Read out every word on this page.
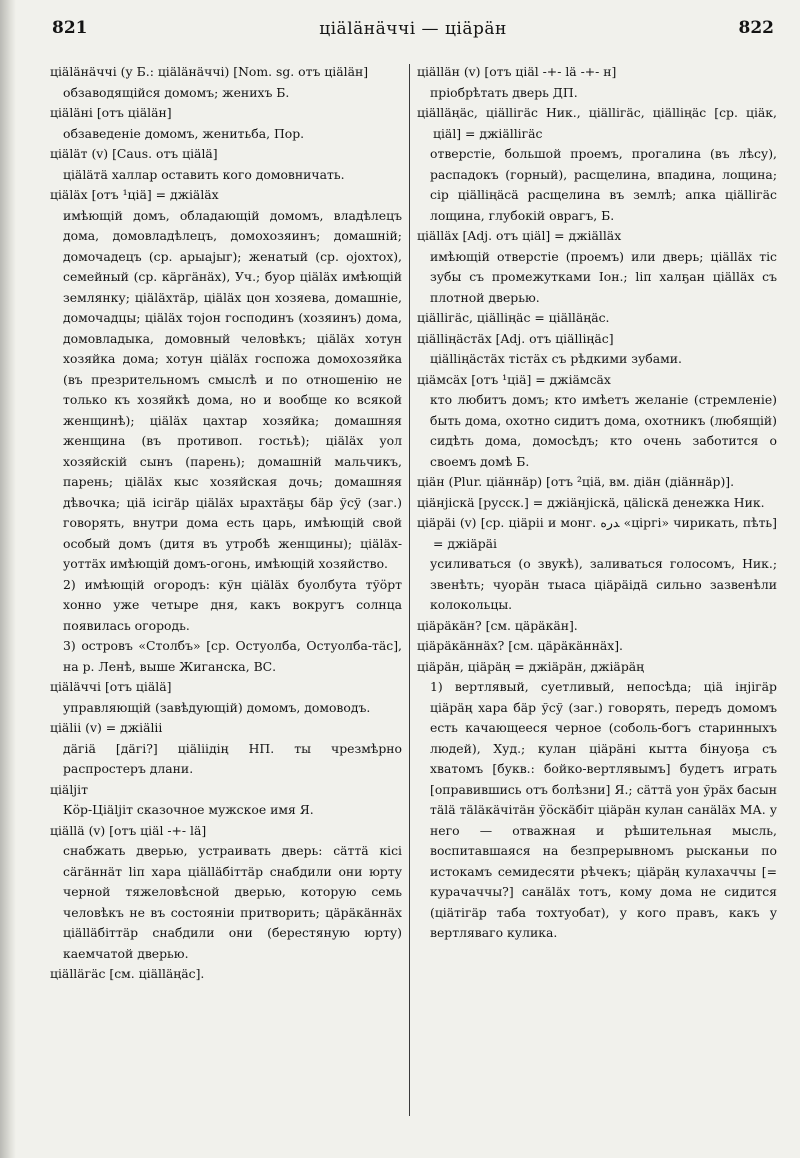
821	цiäläнäччi — цiäрäн	822
цiäläнäччi (у Б.: цiäläнäччi) [Nom. sg. отъ цiäläн]
обзаводящiйся домомъ; женихъ Б.
цiäläнi [отъ цiäläн]
обзаведенiе домомъ, женитьба, Пор.
цiäläт (v) [Caus. отъ цiälä]
цiäläтä халлар оставить кого домовничать.
цiäläх [отъ ¹цiä] = джiäläх
имѣющiй домъ, обладающiй домомъ, владѣлецъ дома, домовладѣлецъ, домохозяинъ; домашнiй; домочадецъ (ср. арыаjыг); женатый (ср. оjохтох), семейный (ср. кäргäнäх), Уч.; буор цiäläх имѣющiй землянку; цiäläхтäр, цiäläх цон хозяева, домашнiе, домочадцы; цiäläх тоjон господинъ (хозяинъ) дома, домовладыка, домовный человѣкъ; цiäläх хотун хозяйка дома; хотун цiäläх госпожа домохозяйка (въ презрительномъ смыслѣ и по отношенiю не только къ хозяйкѣ дома, но и вообще ко всякой женщинѣ); цiäläх цахтар хозяйка; домашняя женщина (въ противоп. гостьѣ); цiäläх уол хозяйскiй сынъ (парень); домашнiй мальчикъ, парень; цiäläх кыс хозяйская дочь; домашняя дѣвочка; цiä iсiгäр цiäläх ырахтäҕы бäр ўсў (заг.) говорять, внутри дома есть царь, имѣющiй свой особый домъ (дитя въ утробѣ женщины); цiäläх-уоттäх имѣющiй домъ-огонь, имѣющiй хозяйство.
2) имѣющiй огородъ: кўн цiäläх буолбута тўӧрт хоннo уже четыре дня, какъ вокругъ солнца появилась огородь.
3) островъ «Столбъ» [ср. Остуолба, Остуолба-тäс], на р. Ленѣ, выше Жиганска, ВС.
цiäläччi [отъ цiälä]
управляющiй (завѣдующiй) домомъ, домоводъ.
цiälii (v) = джiälii
дäгiä [дäгi?] цiäliiдiң НП. ты чрезмѣрно распростеръ длани.
цiäljiт
Кӧр-Цiäljiт сказочное мужское имя Я.
цiällä (v) [отъ цiäl -+- lä]
снабжать дверью, устраивать дверь: сäттä кiсi сäгäннäт liп хара цiälläбiттäр снабдили они юрту черной тяжеловѣсной дверью, которую семь человѣкъ не въ состоянiи притворить; цäрäкäннäх цiälläбiттäр снабдили они (берестяную юрту) каемчатой дверью.
цiälläгäс [см. цiälläңäс].
цiälläн (v) [отъ цiäl -+- lä -+- н]
прiобрѣтать дверь ДП.
цiälläңäс, цiälliгäс Ник., цiälliгäс, цiälliңäс [ср. цiäк, цiäl] = джiälliгäс
отверстiе, большой проемъ, прогалина (въ лѣсу), распадокъ (горный), расщелина, впадина, лощина; сiр цiälliңäсä расщелина въ землѣ; апка цiälliгäс лощина, глубокiй оврагъ, Б.
цiälläх [Adj. отъ цiäl] = джiälläх
имѣющiй отверстiе (проемъ) или дверь; цiälläх тiс зубы съ промежутками Іон.; liп халҕан цiälläх съ плотной дверью.
цiälliгäс, цiälliңäс = цiälläңäс.
цiälliңäстäх [Adj. отъ цiälliңäс]
цiälliңäстäх тiстäх съ рѣдкими зубами.
цiäмсäх [отъ ¹цiä] = джiäмсäх
кто любитъ домъ; кто имѣетъ желанiе (стремленiе) быть дома, охотно сидитъ дома, охотникъ (любящiй) сидѣть дома, домосѣдъ; кто очень заботится о своемъ домѣ Б.
цiäн (Plur. цiäннäр) [отъ ²цiä, вм. дiäн (дiäннäр)].
цiäнjiскä [русск.] = джiäнjiскä, цäliскä денежка Ник.
цiäрäi (v) [ср. цiäрii и монг. ﺪﺭﻩ «цiргi» чирикать, пѣть] = джiäрäi
усиливаться (о звукѣ), заливаться голосомъ, Ник.; звенѣть; чуорäн тыаса цiäрäiдä сильно зазвенѣли колокольцы.
цiäрäкäн? [см. цäрäкäн].
цiäрäкäннäх? [см. цäрäкäннäх].
цiäрäн, цiäрäң = джiäрäн, джiäрäң
1) вертлявый, суетливый, непосѣда; цiä iнjiгäр цiäрäң хара бäр ўсў (заг.) говорять, передъ домомъ есть качающееся черное (соболь-богъ старинныхъ людей), Худ.; кулан цiäрäнi кытта бiнуоҕа съ хватомъ [букв.: бойко-вертлявымъ] будетъ играть [оправившись отъ болѣзни] Я.; сäттä уон ўрäх басын тälä тäläкäчiтäн ўӧскäбiт цiäрäн кулан санäläх МА. у него — отважная и рѣшительная мысль, воспитавшаяся на безпрерывномъ рысканьи по истокамъ семидесяти рѣчекъ; цiäрäң кулахаччы [= курачаччы?] санäläх тотъ, кому дома не сидится (цiäтiгäр таба тохтуобат), у кого правъ, какъ у вертляваго кулика.
